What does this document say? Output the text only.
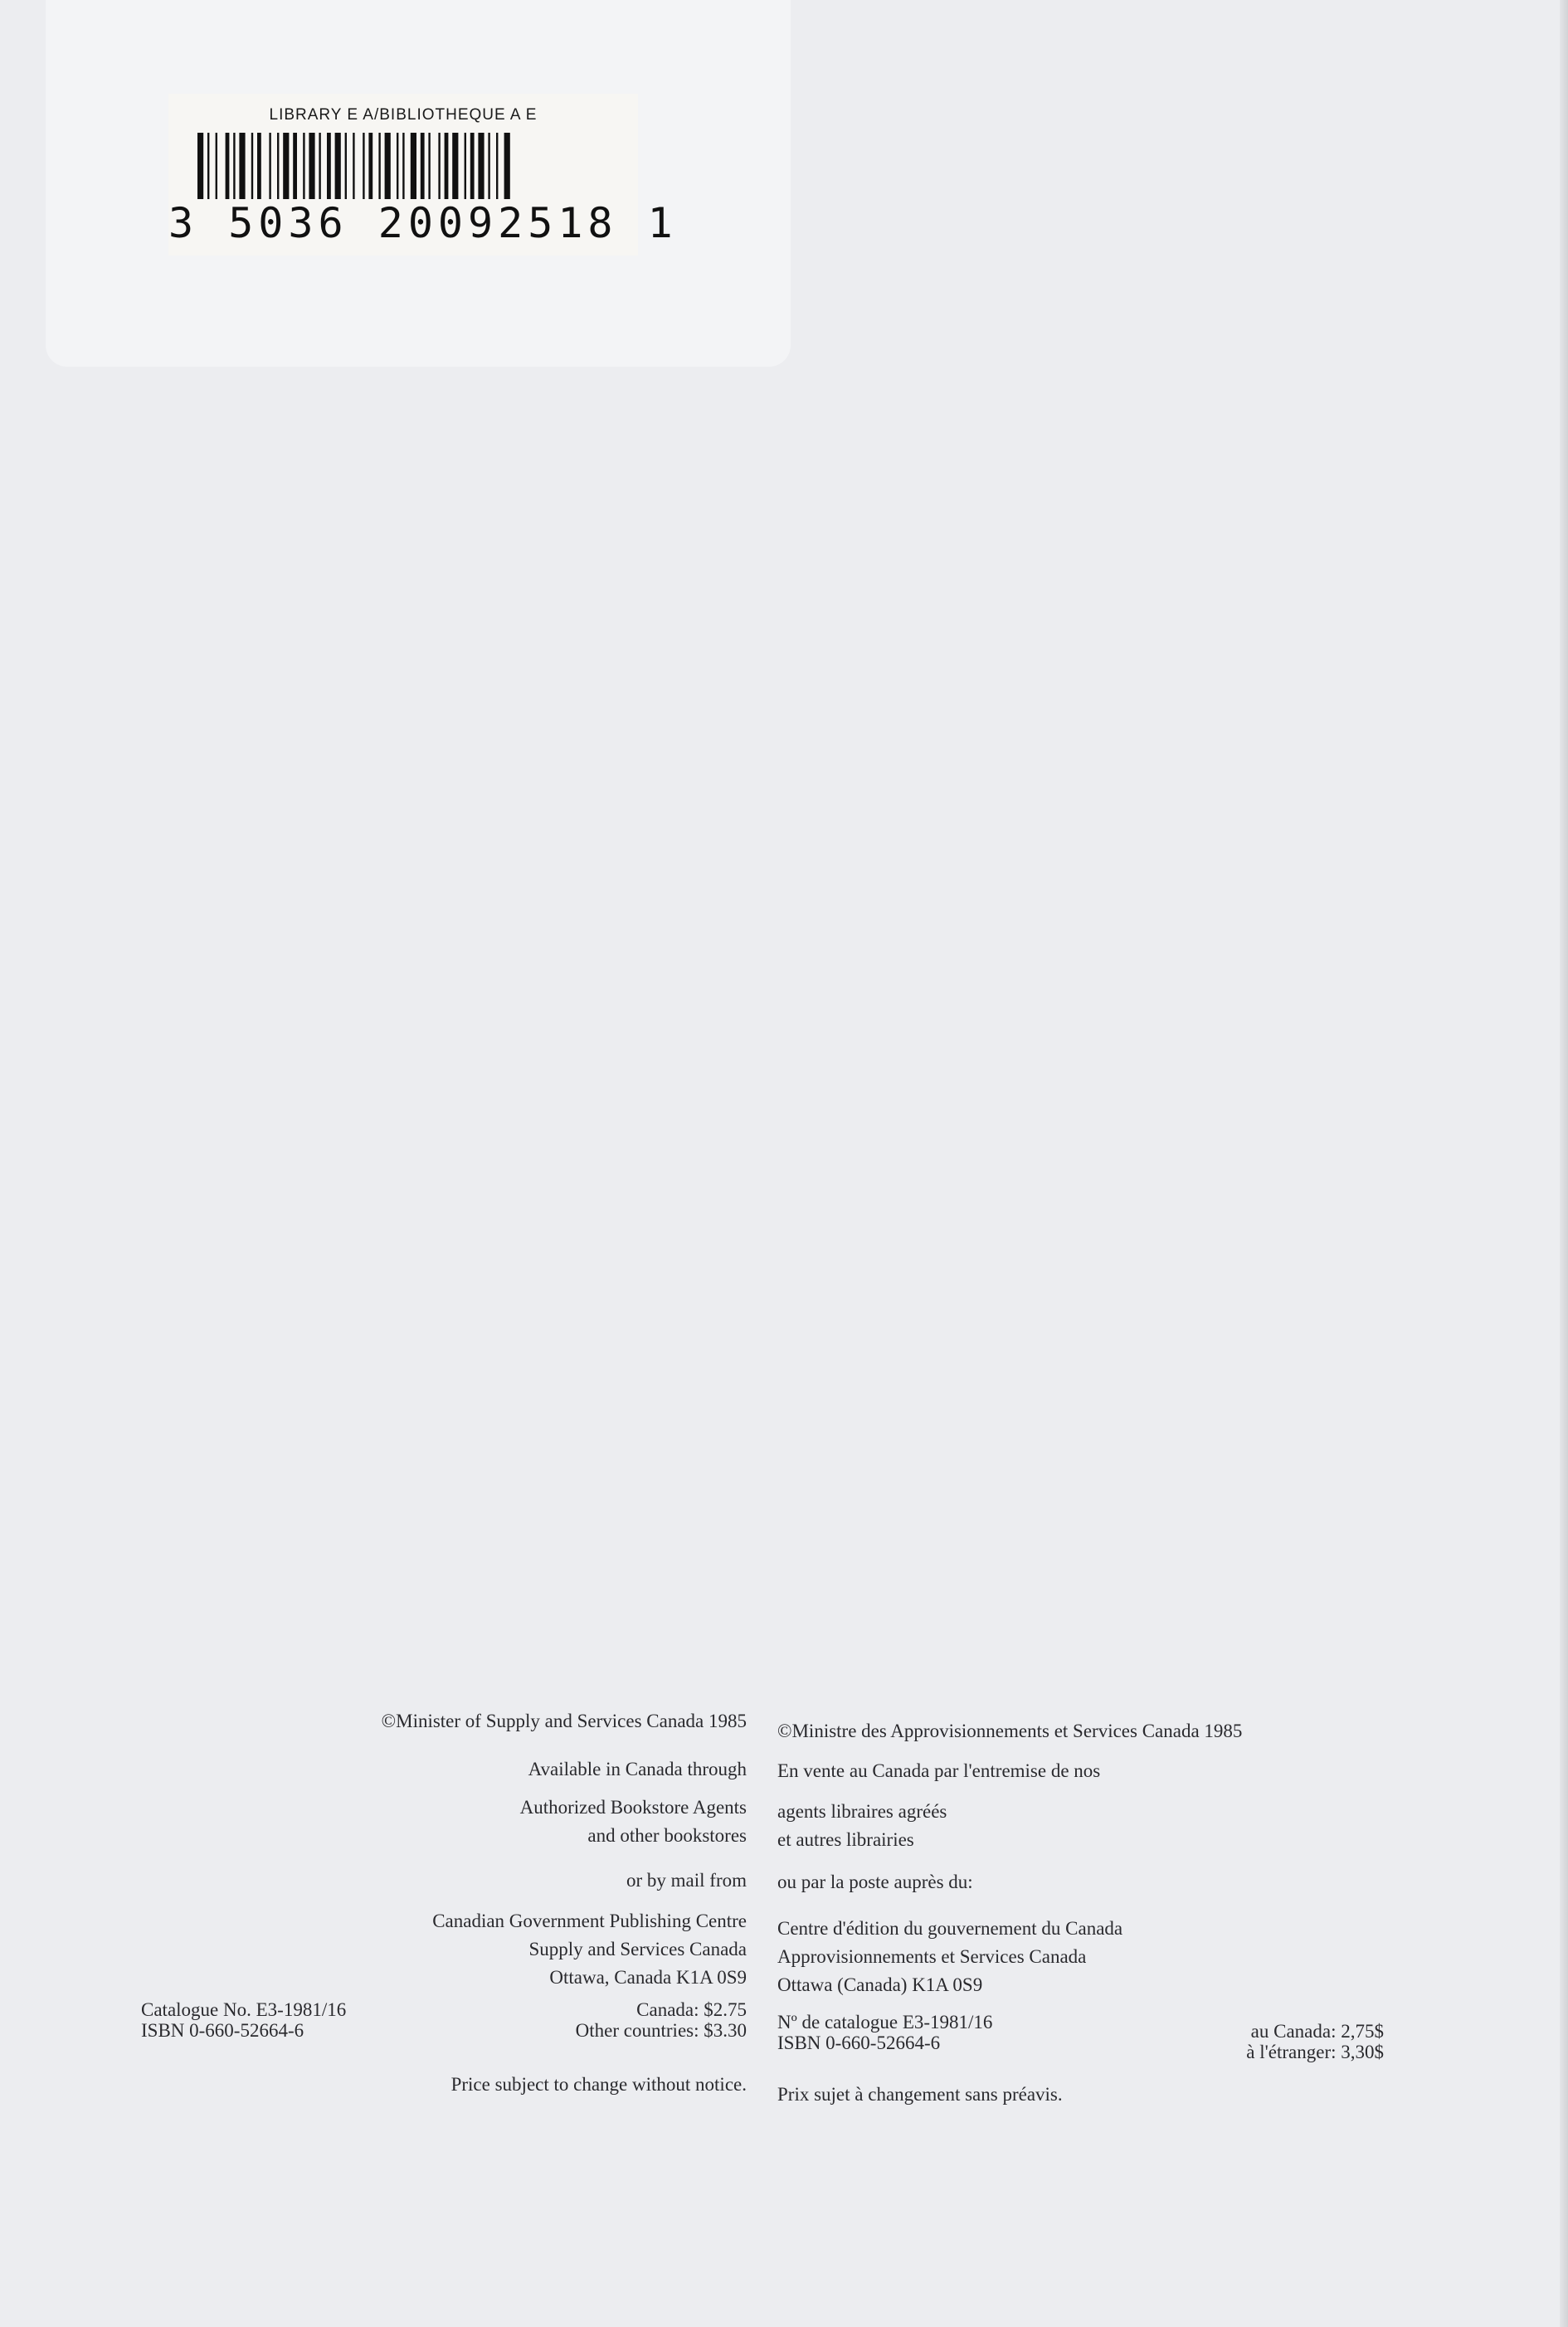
LIBRARY E A/BIBLIOTHEQUE A E
3 5036 20092518 1
©Minister of Supply and Services Canada 1985
Available in Canada through
Authorized Bookstore Agents
and other bookstores
or by mail from
Canadian Government Publishing Centre
Supply and Services Canada
Ottawa, Canada K1A 0S9
Catalogue No. E3-1981/16
ISBN 0-660-52664-6
Canada: $2.75
Other countries: $3.30
Price subject to change without notice.
©Ministre des Approvisionnements et Services Canada 1985
En vente au Canada par l'entremise de nos
agents libraires agréés
et autres librairies
ou par la poste auprès du:
Centre d'édition du gouvernement du Canada
Approvisionnements et Services Canada
Ottawa (Canada) K1A 0S9
Nº de catalogue E3-1981/16
ISBN 0-660-52664-6
au Canada: 2,75$
à l'étranger: 3,30$
Prix sujet à changement sans préavis.
